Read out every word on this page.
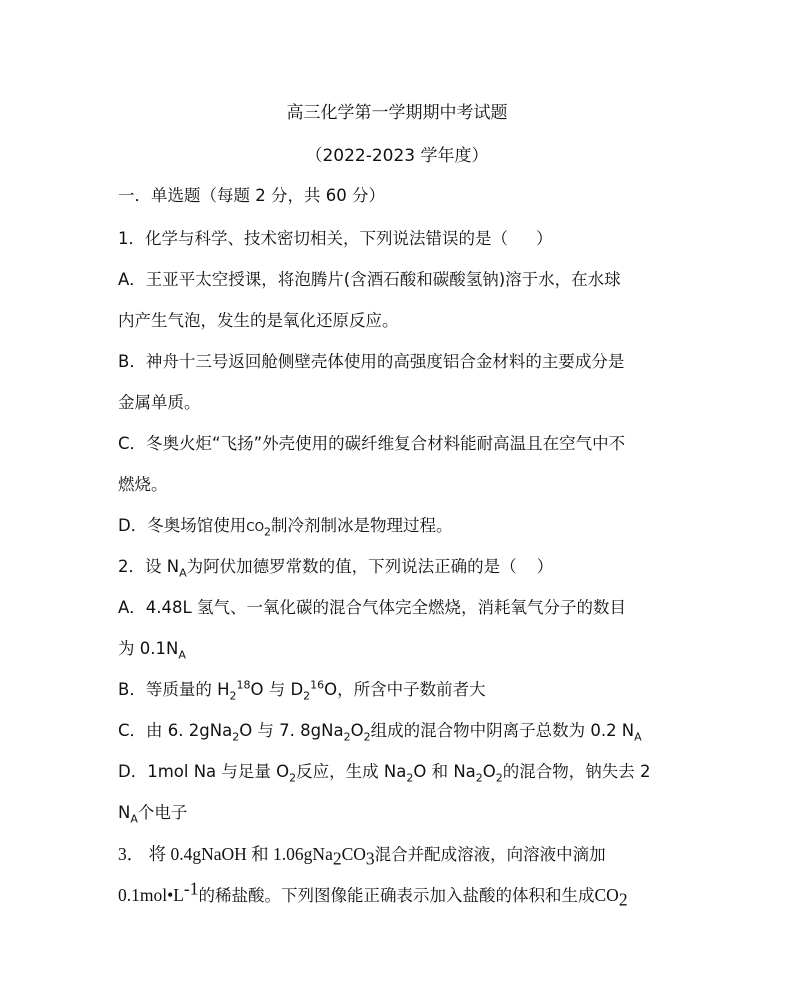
高三化学第一学期期中考试题
（2022-2023 学年度）
一．单选题（每题 2 分，共 60 分）
1．化学与科学、技术密切相关，下列说法错误的是（ ）
A．王亚平太空授课，将泡腾片(含酒石酸和碳酸氢钠)溶于水，在水球
内产生气泡，发生的是氧化还原反应。
B．神舟十三号返回舱侧壁壳体使用的高强度铝合金材料的主要成分是
金属单质。
C．冬奥火炬“飞扬”外壳使用的碳纤维复合材料能耐高温且在空气中不
燃烧。
D．冬奥场馆使用$CO_2$制冷剂制冰是物理过程。
2．设 $N_A$为阿伏加德罗常数的值，下列说法正确的是（ ）
A．4.48L 氢气、一氧化碳的混合气体完全燃烧，消耗氧气分子的数目
为 $0.1N_A$
B．等质量的 $H_2^{18}O$ 与 $D_2^{16}O$，所含中子数前者大
C．由 6. 2gNa$_2$O 与 7. $8gNa_2O_2$组成的混合物中阴离子总数为 0.2 $N_A$
D．1mol Na 与足量 $O_2$反应，生成 $Na_2O$ 和 $Na_2O_2$的混合物，钠失去 2
$N_A$个电子
3． 将 0.4gNaOH 和 $1.06gNa_2CO_3$混合并配成溶液，向溶液中滴加
$0.1mol•L^{-1}$的稀盐酸。下列图像能正确表示加入盐酸的体积和生成$CO_2$
